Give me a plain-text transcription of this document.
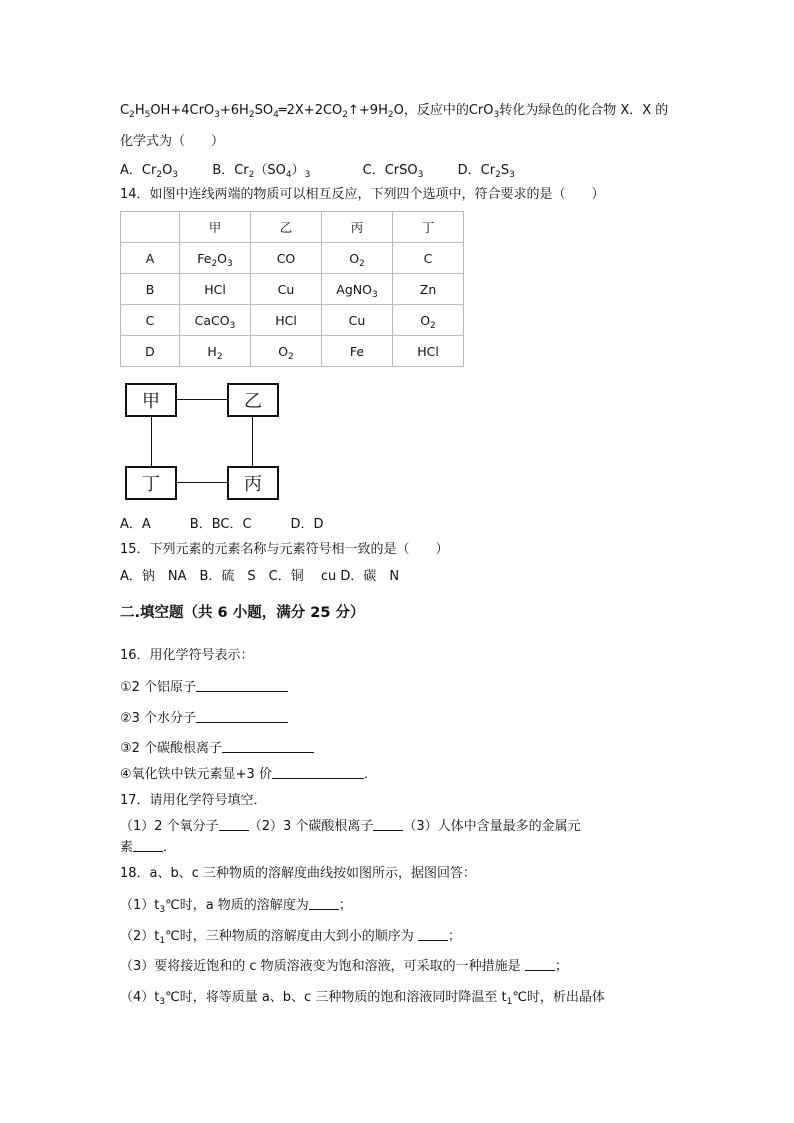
$C_2H_5OH+4CrO_3+6H_2SO_4═2X+2CO_2↑+9H_2O$，反应中的CrO$_3$转化为绿色的化合物 X．X 的
化学式为（　　）
A．$Cr_2O_3$	B．$Cr_2(SO_4)_3$	C．CrSO$_3$	D．$Cr_2S_3$
14．如图中连线两端的物质可以相互反应，下列四个选项中，符合要求的是（　　）
	甲	乙	丙	丁
A	$Fe_2O_3$	CO	$O_2$	C
B	HCl	Cu	AgNO$_3$	Zn
C	CaCO$_3$	HCl	Cu	$O_2$
D	$H_2$	$O_2$	Fe	HCl
甲	乙
丁	丙
A．A　　　B．BC．C　　　D．D
15．下列元素的元素名称与元素符号相一致的是（　　）
A．钠　NA　B．硫　S　C．铜　 cu D．碳　N
二.填空题（共 6 小题，满分 25 分）
16．用化学符号表示：
①2 个铝原子
②3 个水分子
③2 个碳酸根离子
④氧化铁中铁元素显+3 价	．
17．请用化学符号填空．
（1）2 个氧分子 （2）3 个碳酸根离子 （3）人体中含量最多的金属元
素 ．
18．a、b、c 三种物质的溶解度曲线按如图所示，据图回答：
$(1)t_3℃$时，a 物质的溶解度为 ；
$(2)t_1℃$时，三种物质的溶解度由大到小的顺序为 ；
（3）要将接近饱和的 c 物质溶液变为饱和溶液，可采取的一种措施是 ；
$(4)t_3℃$时，将等质量 a、b、c 三种物质的饱和溶液同时降温至 $t_1℃$时，析出晶体
